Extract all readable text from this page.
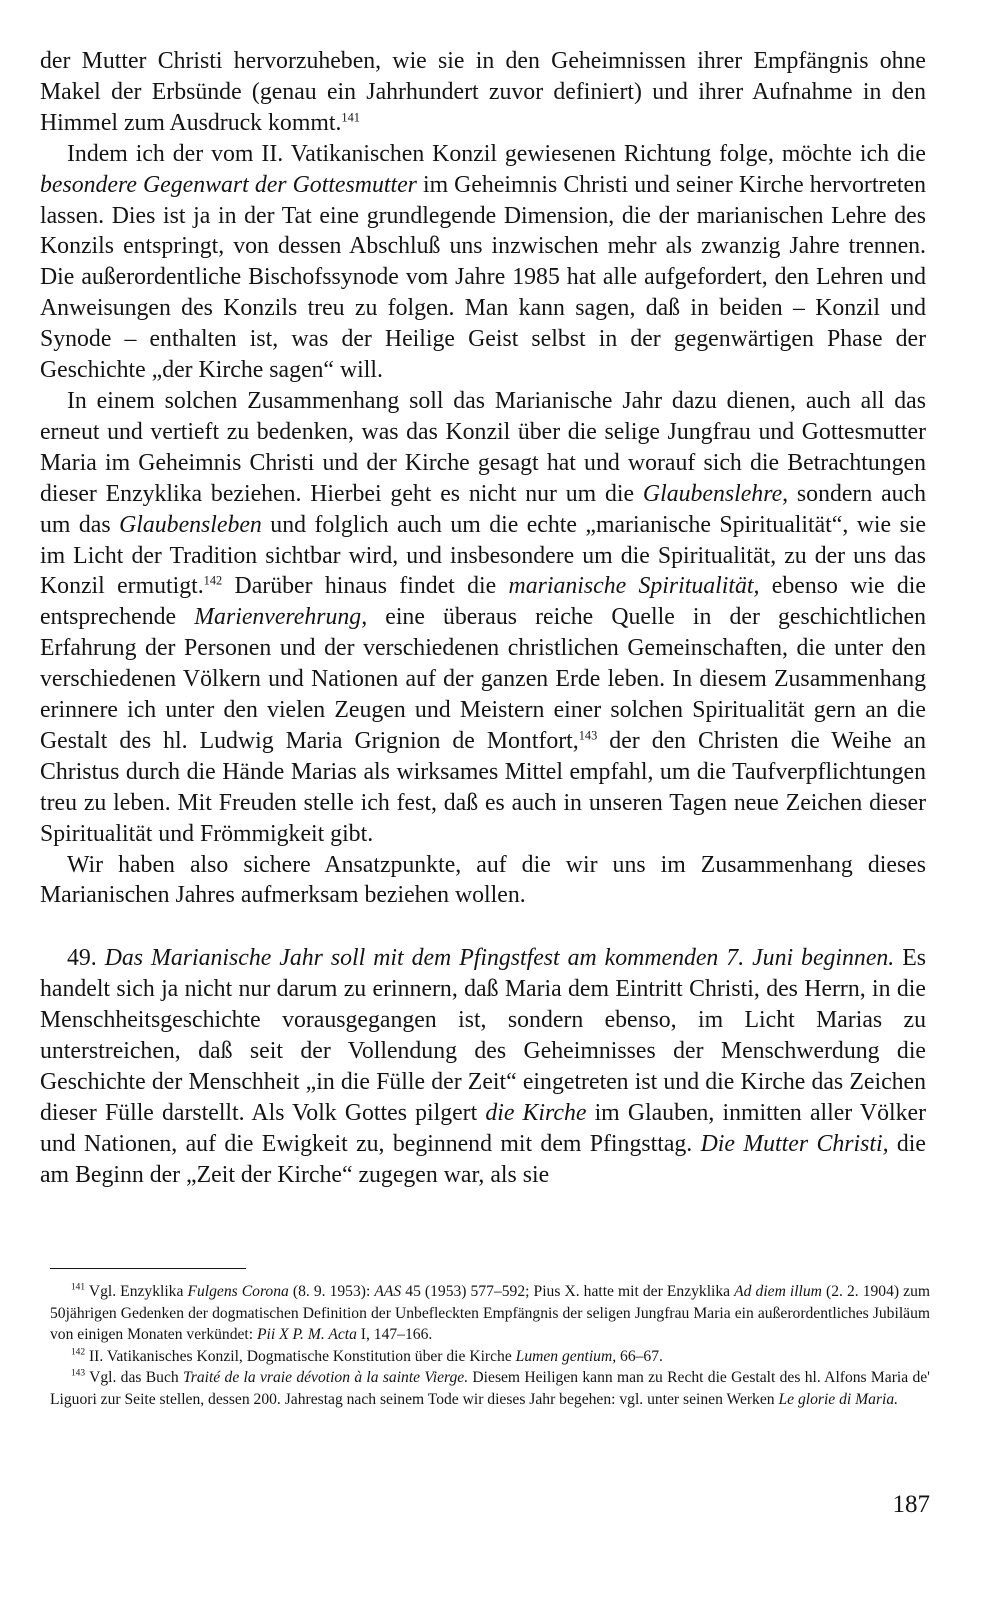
der Mutter Christi hervorzuheben, wie sie in den Geheimnissen ihrer Empfängnis ohne Makel der Erbsünde (genau ein Jahrhundert zuvor definiert) und ihrer Aufnahme in den Himmel zum Ausdruck kommt.$^{141}$

Indem ich der vom II. Vatikanischen Konzil gewiesenen Richtung folge, möchte ich die besondere Gegenwart der Gottesmutter im Geheimnis Christi und seiner Kirche hervortreten lassen. Dies ist ja in der Tat eine grundlegende Dimension, die der marianischen Lehre des Konzils entspringt, von dessen Abschluß uns inzwischen mehr als zwanzig Jahre trennen. Die außerordentliche Bischofssynode vom Jahre 1985 hat alle aufgefordert, den Lehren und Anweisungen des Konzils treu zu folgen. Man kann sagen, daß in beiden – Konzil und Synode – enthalten ist, was der Heilige Geist selbst in der gegenwärtigen Phase der Geschichte „der Kirche sagen“ will.

In einem solchen Zusammenhang soll das Marianische Jahr dazu dienen, auch all das erneut und vertieft zu bedenken, was das Konzil über die selige Jungfrau und Gottesmutter Maria im Geheimnis Christi und der Kirche gesagt hat und worauf sich die Betrachtungen dieser Enzyklika beziehen. Hierbei geht es nicht nur um die Glaubenslehre, sondern auch um das Glaubensleben und folglich auch um die echte „marianische Spiritualität“, wie sie im Licht der Tradition sichtbar wird, und insbesondere um die Spiritualität, zu der uns das Konzil ermutigt.$^{142}$ Darüber hinaus findet die marianische Spiritualität, ebenso wie die entsprechende Marienverehrung, eine überaus reiche Quelle in der geschichtlichen Erfahrung der Personen und der verschiedenen christlichen Gemeinschaften, die unter den verschiedenen Völkern und Nationen auf der ganzen Erde leben. In diesem Zusammenhang erinnere ich unter den vielen Zeugen und Meistern einer solchen Spiritualität gern an die Gestalt des hl. Ludwig Maria Grignion de Montfort,$^{143}$ der den Christen die Weihe an Christus durch die Hände Marias als wirksames Mittel empfahl, um die Taufverpflichtungen treu zu leben. Mit Freuden stelle ich fest, daß es auch in unseren Tagen neue Zeichen dieser Spiritualität und Frömmigkeit gibt.

Wir haben also sichere Ansatzpunkte, auf die wir uns im Zusammenhang dieses Marianischen Jahres aufmerksam beziehen wollen.

49. Das Marianische Jahr soll mit dem Pfingstfest am kommenden 7. Juni beginnen. Es handelt sich ja nicht nur darum zu erinnern, daß Maria dem Eintritt Christi, des Herrn, in die Menschheitsgeschichte vorausgegangen ist, sondern ebenso, im Licht Marias zu unterstreichen, daß seit der Vollendung des Geheimnisses der Menschwerdung die Geschichte der Menschheit „in die Fülle der Zeit“ eingetreten ist und die Kirche das Zeichen dieser Fülle darstellt. Als Volk Gottes pilgert die Kirche im Glauben, inmitten aller Völker und Nationen, auf die Ewigkeit zu, beginnend mit dem Pfingsttag. Die Mutter Christi, die am Beginn der „Zeit der Kirche“ zugegen war, als sie

$^{141}$ Vgl. Enzyklika Fulgens Corona (8. 9. 1953): AAS 45 (1953) 577–592; Pius X. hatte mit der Enzyklika Ad diem illum (2. 2. 1904) zum 50jährigen Gedenken der dogmatischen Definition der Unbefleckten Empfängnis der seligen Jungfrau Maria ein außerordentliches Jubiläum von einigen Monaten verkündet: Pii X P. M. Acta I, 147–166.

$^{142}$ II. Vatikanisches Konzil, Dogmatische Konstitution über die Kirche Lumen gentium, 66–67.

$^{143}$ Vgl. das Buch Traité de la vraie dévotion à la sainte Vierge. Diesem Heiligen kann man zu Recht die Gestalt des hl. Alfons Maria de' Liguori zur Seite stellen, dessen 200. Jahrestag nach seinem Tode wir dieses Jahr begehen: vgl. unter seinen Werken Le glorie di Maria.

187
